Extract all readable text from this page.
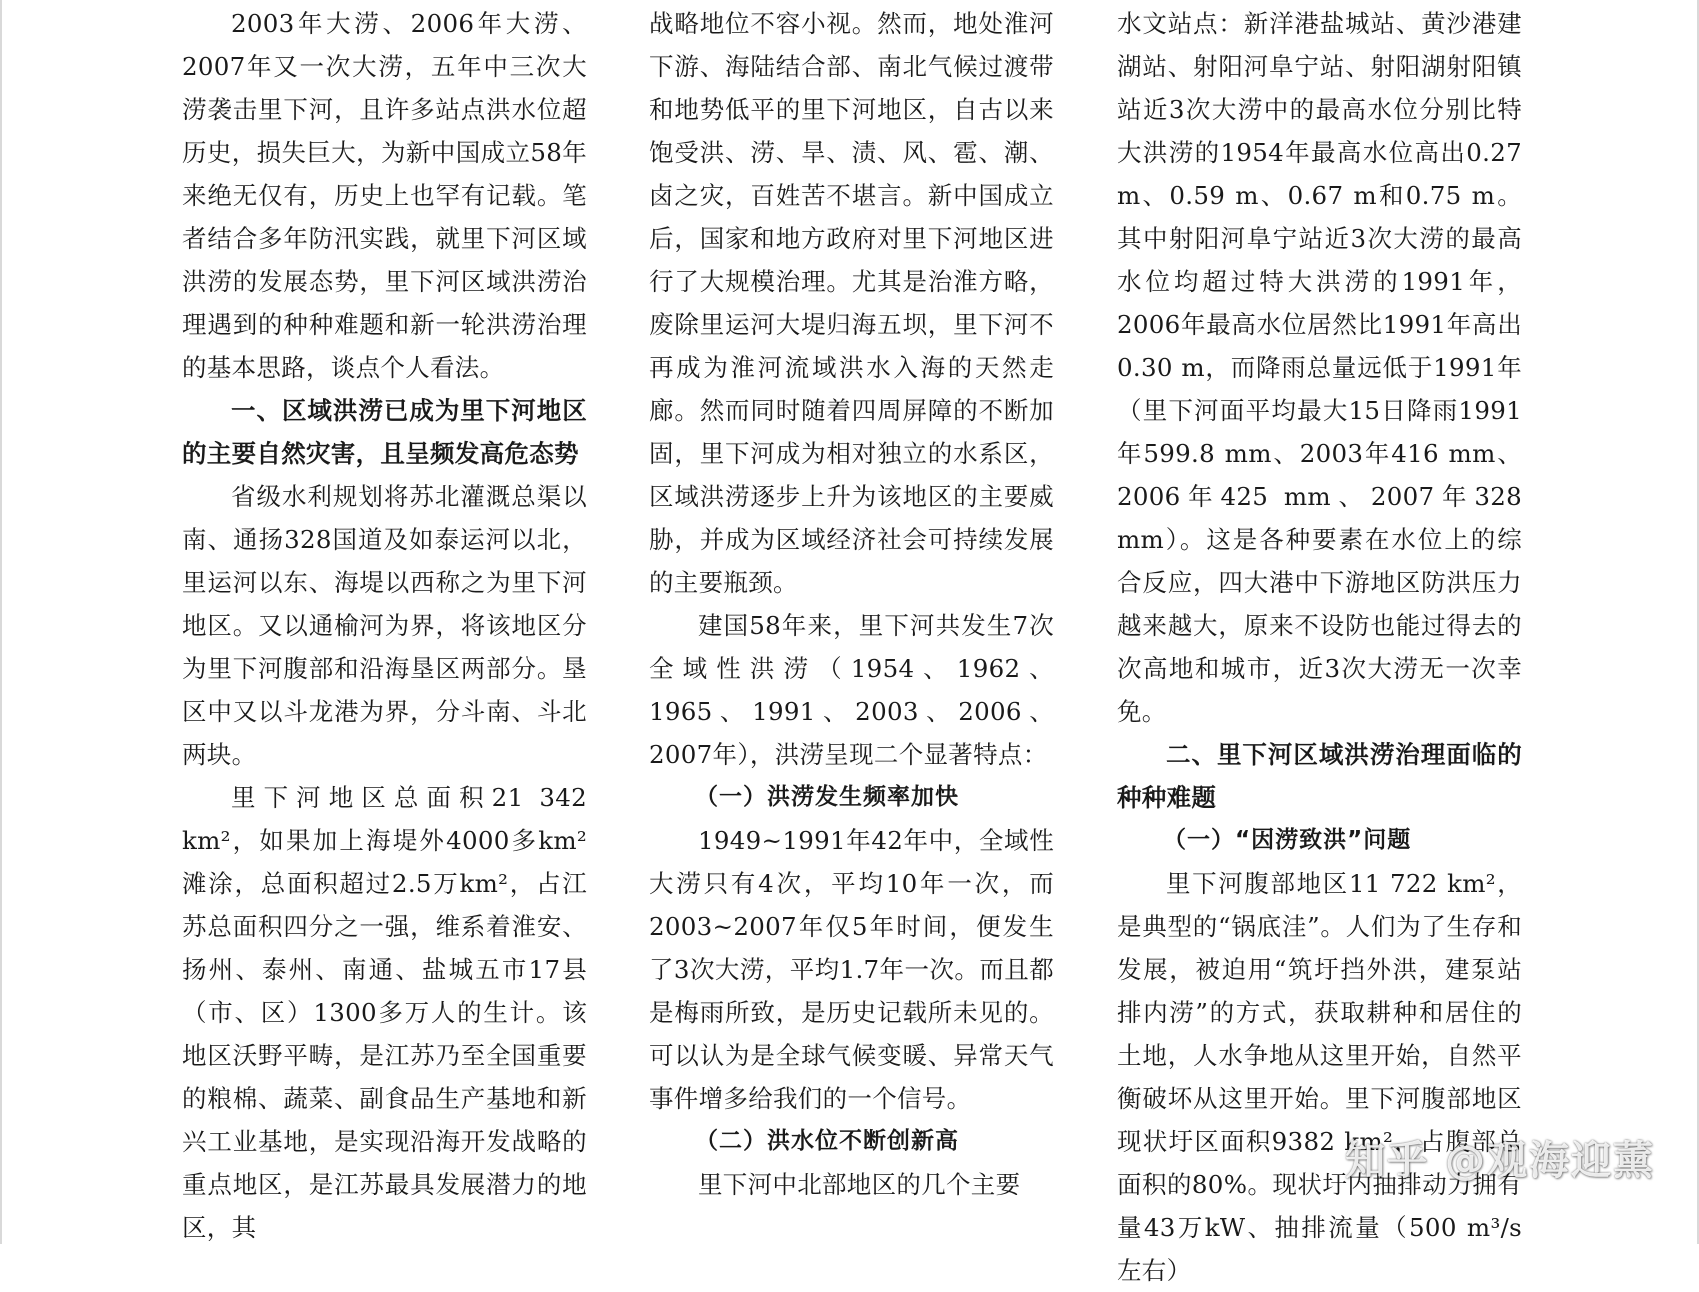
2003年大涝、2006年大涝、2007年又一次大涝，五年中三次大涝袭击里下河，且许多站点洪水位超历史，损失巨大，为新中国成立58年来绝无仅有，历史上也罕有记载。笔者结合多年防汛实践，就里下河区域洪涝的发展态势，里下河区域洪涝治理遇到的种种难题和新一轮洪涝治理的基本思路，谈点个人看法。

一、区域洪涝已成为里下河地区的主要自然灾害，且呈频发高危态势

省级水利规划将苏北灌溉总渠以南、通扬328国道及如泰运河以北，里运河以东、海堤以西称之为里下河地区。又以通榆河为界，将该地区分为里下河腹部和沿海垦区两部分。垦区中又以斗龙港为界，分斗南、斗北两块。

里下河地区总面积21 342 km²，如果加上海堤外4000多km²滩涂，总面积超过2.5万km²，占江苏总面积四分之一强，维系着淮安、扬州、泰州、南通、盐城五市17县（市、区）1300多万人的生计。该地区沃野平畴，是江苏乃至全国重要的粮棉、蔬菜、副食品生产基地和新兴工业基地，是实现沿海开发战略的重点地区，是江苏最具发展潜力的地区，其

战略地位不容小视。然而，地处淮河下游、海陆结合部、南北气候过渡带和地势低平的里下河地区，自古以来饱受洪、涝、旱、渍、风、雹、潮、卤之灾，百姓苦不堪言。新中国成立后，国家和地方政府对里下河地区进行了大规模治理。尤其是治淮方略，废除里运河大堤归海五坝，里下河不再成为淮河流域洪水入海的天然走廊。然而同时随着四周屏障的不断加固，里下河成为相对独立的水系区，区域洪涝逐步上升为该地区的主要威胁，并成为区域经济社会可持续发展的主要瓶颈。

建国58年来，里下河共发生7次全域性洪涝（1954、1962、1965、1991、2003、2006、2007年），洪涝呈现二个显著特点：

（一）洪涝发生频率加快

1949~1991年42年中，全域性大涝只有4次，平均10年一次，而2003~2007年仅5年时间，便发生了3次大涝，平均1.7年一次。而且都是梅雨所致，是历史记载所未见的。可以认为是全球气候变暖、异常天气事件增多给我们的一个信号。

（二）洪水位不断创新高

里下河中北部地区的几个主要

水文站点：新洋港盐城站、黄沙港建湖站、射阳河阜宁站、射阳湖射阳镇站近3次大涝中的最高水位分别比特大洪涝的1954年最高水位高出0.27 m、0.59 m、0.67 m和0.75 m。其中射阳河阜宁站近3次大涝的最高水位均超过特大洪涝的1991年，2006年最高水位居然比1991年高出0.30 m，而降雨总量远低于1991年（里下河面平均最大15日降雨1991年599.8 mm、2003年416 mm、2006年425 mm、2007年328 mm）。这是各种要素在水位上的综合反应，四大港中下游地区防洪压力越来越大，原来不设防也能过得去的次高地和城市，近3次大涝无一次幸免。

二、里下河区域洪涝治理面临的种种难题

（一）“因涝致洪”问题

里下河腹部地区11 722 km²，是典型的“锅底洼”。人们为了生存和发展，被迫用“筑圩挡外洪，建泵站排内涝”的方式，获取耕种和居住的土地，人水争地从这里开始，自然平衡破坏从这里开始。里下河腹部地区现状圩区面积9382 km²，占腹部总面积的80%。现状圩内抽排动力拥有量43万kW、抽排流量（500 m³/s左右）

知乎 @观海迎薰
